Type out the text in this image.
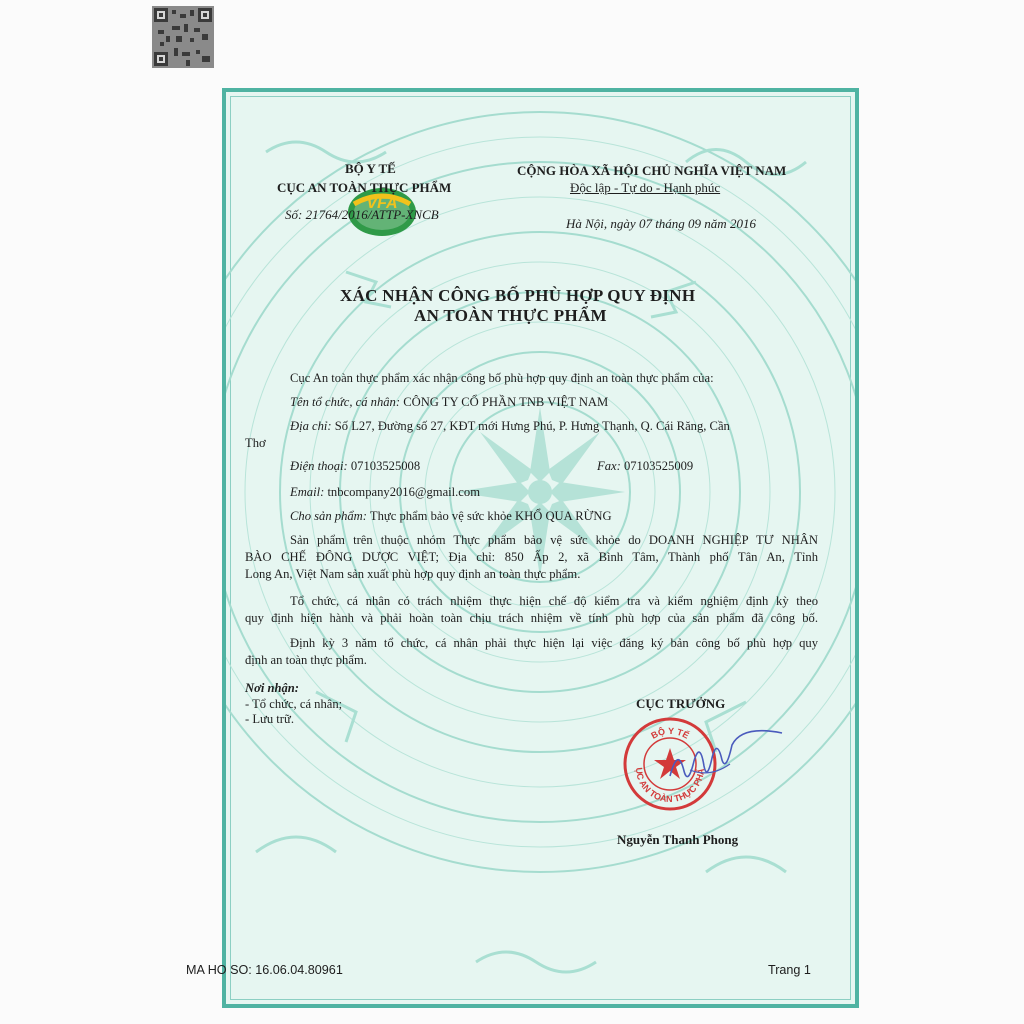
VFA
BỘ Y TẾ
CỤC AN TOÀN THỰC PHẨM
Số: 21764/2016/ATTP-XNCB
CỘNG HÒA XÃ HỘI CHỦ NGHĨA VIỆT NAM
Độc lập - Tự do - Hạnh phúc
Hà Nội, ngày 07 tháng 09 năm 2016
XÁC NHẬN CÔNG BỐ PHÙ HỢP QUY ĐỊNH
AN TOÀN THỰC PHẨM
Cục An toàn thực phẩm xác nhận công bố phù hợp quy định an toàn thực phẩm của:
Tên tổ chức, cá nhân: CÔNG TY CỔ PHẦN TNB VIỆT NAM
Địa chỉ: Số L27, Đường số 27, KĐT mới Hưng Phú, P. Hưng Thạnh, Q. Cái Răng, Cần
Thơ
Điện thoại: 07103525008	Fax: 07103525009
Email: tnbcompany2016@gmail.com
Cho sản phẩm: Thực phẩm bảo vệ sức khỏe KHỔ QUA RỪNG
Sản phẩm trên thuộc nhóm Thực phẩm bảo vệ sức khỏe do DOANH NGHIỆP TƯ NHÂN
BÀO CHẾ ĐÔNG DƯỢC VIỆT; Địa chỉ: 850 Ấp 2, xã Bình Tâm, Thành phố Tân An, Tỉnh
Long An, Việt Nam sản xuất phù hợp quy định an toàn thực phẩm.
Tổ chức, cá nhân có trách nhiệm thực hiện chế độ kiểm tra và kiểm nghiệm định kỳ theo
quy định hiện hành và phải hoàn toàn chịu trách nhiệm về tính phù hợp của sản phẩm đã công bố.
Định kỳ 3 năm tổ chức, cá nhân phải thực hiện lại việc đăng ký bản công bố phù hợp quy
định an toàn thực phẩm.
Nơi nhận:
- Tổ chức, cá nhân;
- Lưu trữ.
CỤC TRƯỞNG
BỘ Y TẾ
ỤC AN TOÀN THỰC PHẨ
Nguyễn Thanh Phong
MA HO SO: 16.06.04.80961	Trang 1
